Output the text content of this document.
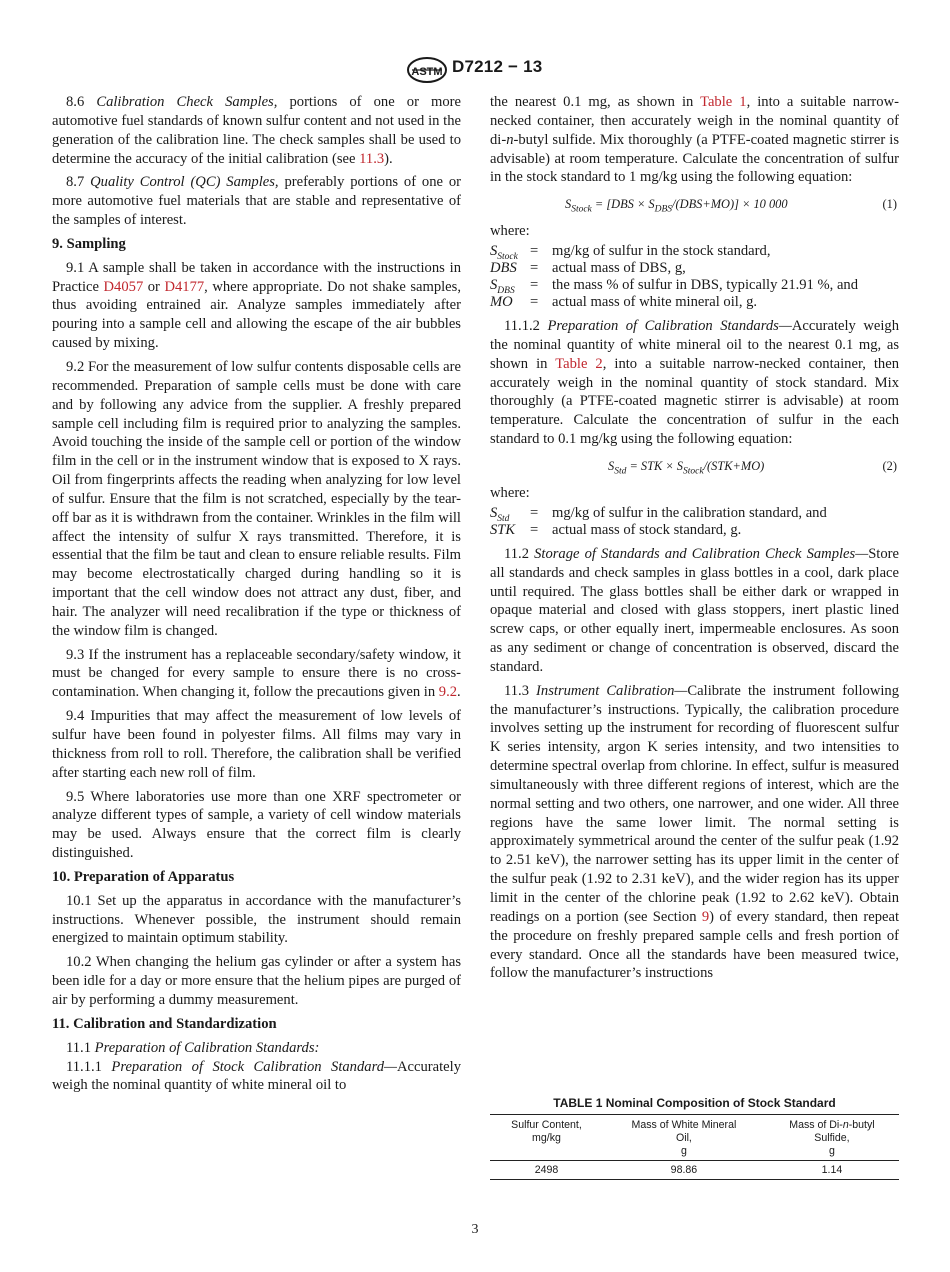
ASTM D7212 − 13

8.6 Calibration Check Samples, portions of one or more automotive fuel standards of known sulfur content and not used in the generation of the calibration line. The check samples shall be used to determine the accuracy of the initial calibration (see 11.3).

8.7 Quality Control (QC) Samples, preferably portions of one or more automotive fuel materials that are stable and representative of the samples of interest.

9. Sampling

9.1 A sample shall be taken in accordance with the instructions in Practice D4057 or D4177, where appropriate. Do not shake samples, thus avoiding entrained air. Analyze samples immediately after pouring into a sample cell and allowing the escape of the air bubbles caused by mixing.

9.2 For the measurement of low sulfur contents disposable cells are recommended. Preparation of sample cells must be done with care and by following any advice from the supplier. A freshly prepared sample cell including film is required prior to analyzing the samples. Avoid touching the inside of the sample cell or portion of the window film in the cell or in the instrument window that is exposed to X rays. Oil from fingerprints affects the reading when analyzing for low level of sulfur. Ensure that the film is not scratched, especially by the tear-off bar as it is withdrawn from the container. Wrinkles in the film will affect the intensity of sulfur X rays transmitted. Therefore, it is essential that the film be taut and clean to ensure reliable results. Film may become electrostatically charged during handling so it is important that the cell window does not attract any dust, fiber, and hair. The analyzer will need recalibration if the type or thickness of the window film is changed.

9.3 If the instrument has a replaceable secondary/safety window, it must be changed for every sample to ensure there is no cross-contamination. When changing it, follow the precautions given in 9.2.

9.4 Impurities that may affect the measurement of low levels of sulfur have been found in polyester films. All films may vary in thickness from roll to roll. Therefore, the calibration shall be verified after starting each new roll of film.

9.5 Where laboratories use more than one XRF spectrometer or analyze different types of sample, a variety of cell window materials may be used. Always ensure that the correct film is clearly distinguished.

10. Preparation of Apparatus

10.1 Set up the apparatus in accordance with the manufacturer’s instructions. Whenever possible, the instrument should remain energized to maintain optimum stability.

10.2 When changing the helium gas cylinder or after a system has been idle for a day or more ensure that the helium pipes are purged of air by performing a dummy measurement.

11. Calibration and Standardization

11.1 Preparation of Calibration Standards:

11.1.1 Preparation of Stock Calibration Standard—Accurately weigh the nominal quantity of white mineral oil to

the nearest 0.1 mg, as shown in Table 1, into a suitable narrow-necked container, then accurately weigh in the nominal quantity of di-n-butyl sulfide. Mix thoroughly (a PTFE-coated magnetic stirrer is advisable) at room temperature. Calculate the concentration of sulfur in the stock standard to 1 mg/kg using the following equation:

$S_{Stock} = [DBS \times S_{DBS}/(DBS+MO)] \times 10$ 000	(1)

where:

$S_{Stock} = mg/kg$ of sulfur in the stock standard,
DBS = actual mass of DBS, g,
$S_{DBS}$	= the mass % of sulfur in DBS, typically 21.91 %, and
MO	= actual mass of white mineral oil, g.

11.1.2 Preparation of Calibration Standards—Accurately weigh the nominal quantity of white mineral oil to the nearest 0.1 mg, as shown in Table 2, into a suitable narrow-necked container, then accurately weigh in the nominal quantity of stock standard. Mix thoroughly (a PTFE-coated magnetic stirrer is advisable) at room temperature. Calculate the concentration of sulfur in the each standard to 0.1 mg/kg using the following equation:

$S_{Std}$ = STK × $S_{Stock}/(STK+MO)$	(2)

where:

$S_{Std}$	= mg/kg of sulfur in the calibration standard, and
STK	= actual mass of stock standard, g.

11.2 Storage of Standards and Calibration Check Samples—Store all standards and check samples in glass bottles in a cool, dark place until required. The glass bottles shall be either dark or wrapped in opaque material and closed with glass stoppers, inert plastic lined screw caps, or other equally inert, impermeable enclosures. As soon as any sediment or change of concentration is observed, discard the standard.

11.3 Instrument Calibration—Calibrate the instrument following the manufacturer’s instructions. Typically, the calibration procedure involves setting up the instrument for recording of fluorescent sulfur K series intensity, argon K series intensity, and two intensities to determine spectral overlap from chlorine. In effect, sulfur is measured simultaneously with three different regions of interest, which are the normal setting and two others, one narrower, and one wider. All three regions have the same lower limit. The normal setting is approximately symmetrical around the center of the sulfur peak (1.92 to 2.51 keV), the narrower setting has its upper limit in the center of the sulfur peak (1.92 to 2.31 keV), and the wider region has its upper limit in the center of the chlorine peak (1.92 to 2.62 keV). Obtain readings on a portion (see Section 9) of every standard, then repeat the procedure on freshly prepared sample cells and fresh portion of every standard. Once all the standards have been measured twice, follow the manufacturer’s instructions

TABLE 1 Nominal Composition of Stock Standard
Sulfur Content,
mg/kg	Mass of White Mineral
Oil,
g	Mass of Di-n-butyl
Sulfide,
g
2498	98.86	1.14
3
